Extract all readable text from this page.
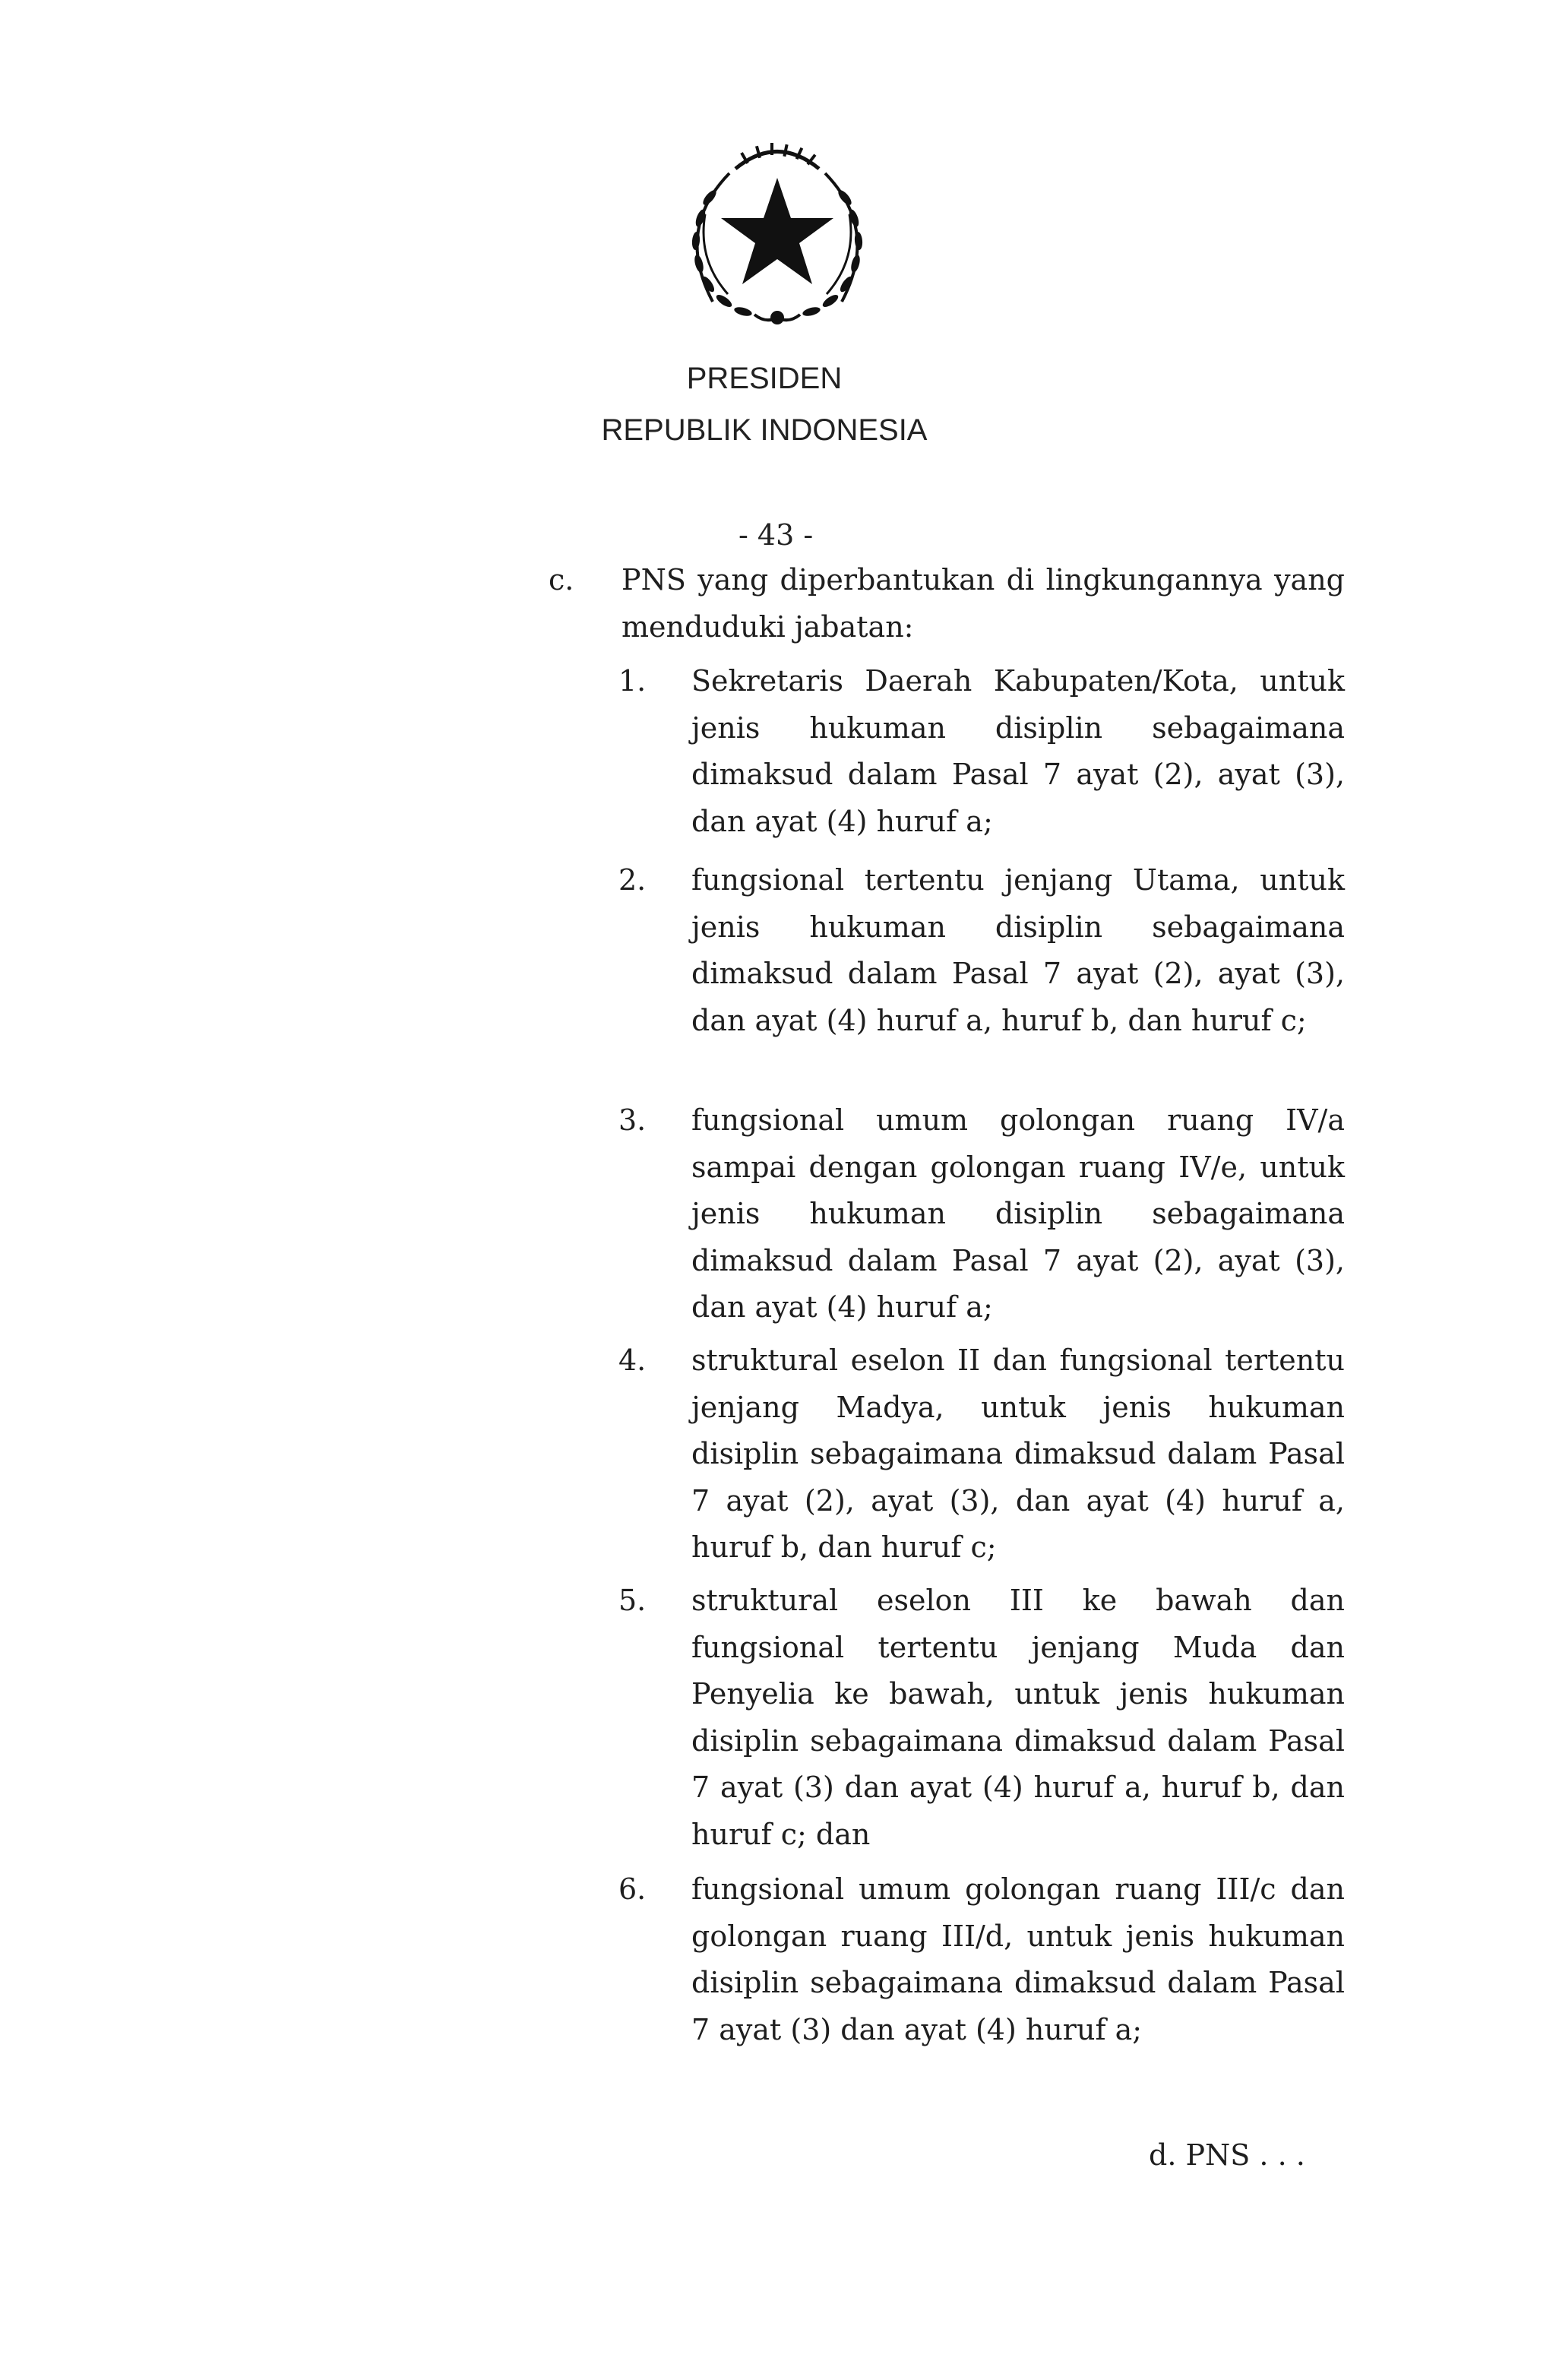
PRESIDEN
REPUBLIK INDONESIA
- 43 -
c. PNS yang diperbantukan di lingkungannya yang menduduki jabatan:
1. Sekretaris Daerah Kabupaten/Kota, untuk jenis hukuman disiplin sebagaimana dimaksud dalam Pasal 7 ayat (2), ayat (3), dan ayat (4) huruf a;
2. fungsional tertentu jenjang Utama, untuk jenis hukuman disiplin sebagaimana dimaksud dalam Pasal 7 ayat (2), ayat (3), dan ayat (4) huruf a, huruf b, dan huruf c;
3. fungsional umum golongan ruang IV/a sampai dengan golongan ruang IV/e, untuk jenis hukuman disiplin sebagaimana dimaksud dalam Pasal 7 ayat (2), ayat (3), dan ayat (4) huruf a;
4. struktural eselon II dan fungsional tertentu jenjang Madya, untuk jenis hukuman disiplin sebagaimana dimaksud dalam Pasal 7 ayat (2), ayat (3), dan ayat (4) huruf a, huruf b, dan huruf c;
5. struktural eselon III ke bawah dan fungsional tertentu jenjang Muda dan Penyelia ke bawah, untuk jenis hukuman disiplin sebagaimana dimaksud dalam Pasal 7 ayat (3) dan ayat (4) huruf a, huruf b, dan huruf c; dan
6. fungsional umum golongan ruang III/c dan golongan ruang III/d, untuk jenis hukuman disiplin sebagaimana dimaksud dalam Pasal 7 ayat (3) dan ayat (4) huruf a;
d. PNS . . .
